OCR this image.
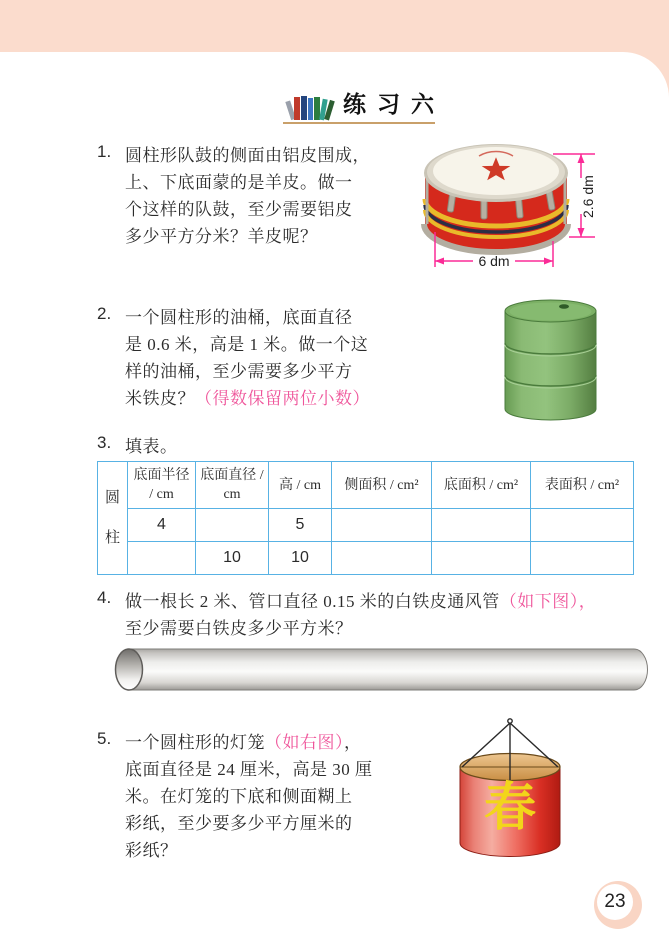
练习六
1. 圆柱形队鼓的侧面由铝皮围成，
上、下底面蒙的是羊皮。做一
个这样的队鼓，至少需要铝皮
多少平方分米？羊皮呢？
2.6 dm
6 dm
2. 一个圆柱形的油桶，底面直径
是 0.6 米，高是 1 米。做一个这
样的油桶，至少需要多少平方
米铁皮？（得数保留两位小数）
3. 填表。
圆柱	底面半径 / cm	底面直径 / cm	高 / cm	侧面积 / cm²	底面积 / cm²	表面积 / cm²
	4		5			
		10	10			
4. 做一根长 2 米、管口直径 0.15 米的白铁皮通风管（如下图），
至少需要白铁皮多少平方米？
5. 一个圆柱形的灯笼（如右图），
底面直径是 24 厘米，高是 30 厘
米。在灯笼的下底和侧面糊上
彩纸，至少要多少平方厘米的
彩纸？
春
23
